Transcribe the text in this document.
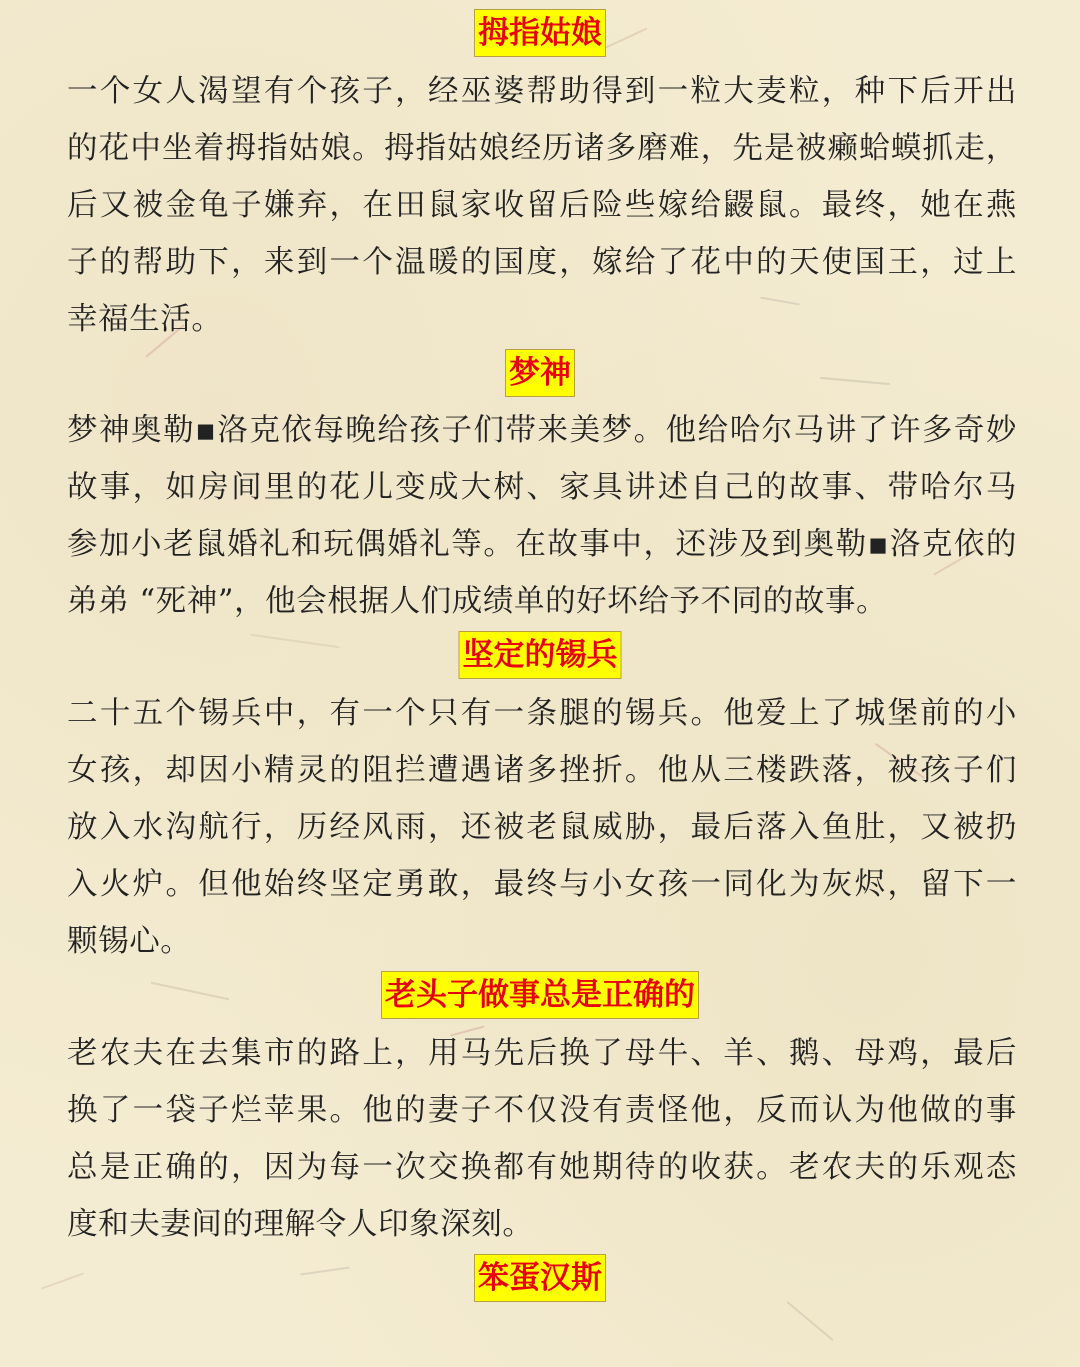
拇指姑娘
一个女人渴望有个孩子，经巫婆帮助得到一粒大麦粒，种下后开出
的花中坐着拇指姑娘。拇指姑娘经历诸多磨难，先是被癞蛤蟆抓走，
后又被金龟子嫌弃，在田鼠家收留后险些嫁给鼹鼠。最终，她在燕
子的帮助下，来到一个温暖的国度，嫁给了花中的天使国王，过上
幸福生活。
梦神
梦神奥勒▪洛克依每晚给孩子们带来美梦。他给哈尔马讲了许多奇妙
故事，如房间里的花儿变成大树、家具讲述自己的故事、带哈尔马
参加小老鼠婚礼和玩偶婚礼等。在故事中，还涉及到奥勒▪洛克依的
弟弟 “死神”，他会根据人们成绩单的好坏给予不同的故事。
坚定的锡兵
二十五个锡兵中，有一个只有一条腿的锡兵。他爱上了城堡前的小
女孩，却因小精灵的阻拦遭遇诸多挫折。他从三楼跌落，被孩子们
放入水沟航行，历经风雨，还被老鼠威胁，最后落入鱼肚，又被扔
入火炉。但他始终坚定勇敢，最终与小女孩一同化为灰烬，留下一
颗锡心。
老头子做事总是正确的
老农夫在去集市的路上，用马先后换了母牛、羊、鹅、母鸡，最后
换了一袋子烂苹果。他的妻子不仅没有责怪他，反而认为他做的事
总是正确的，因为每一次交换都有她期待的收获。老农夫的乐观态
度和夫妻间的理解令人印象深刻。
笨蛋汉斯
